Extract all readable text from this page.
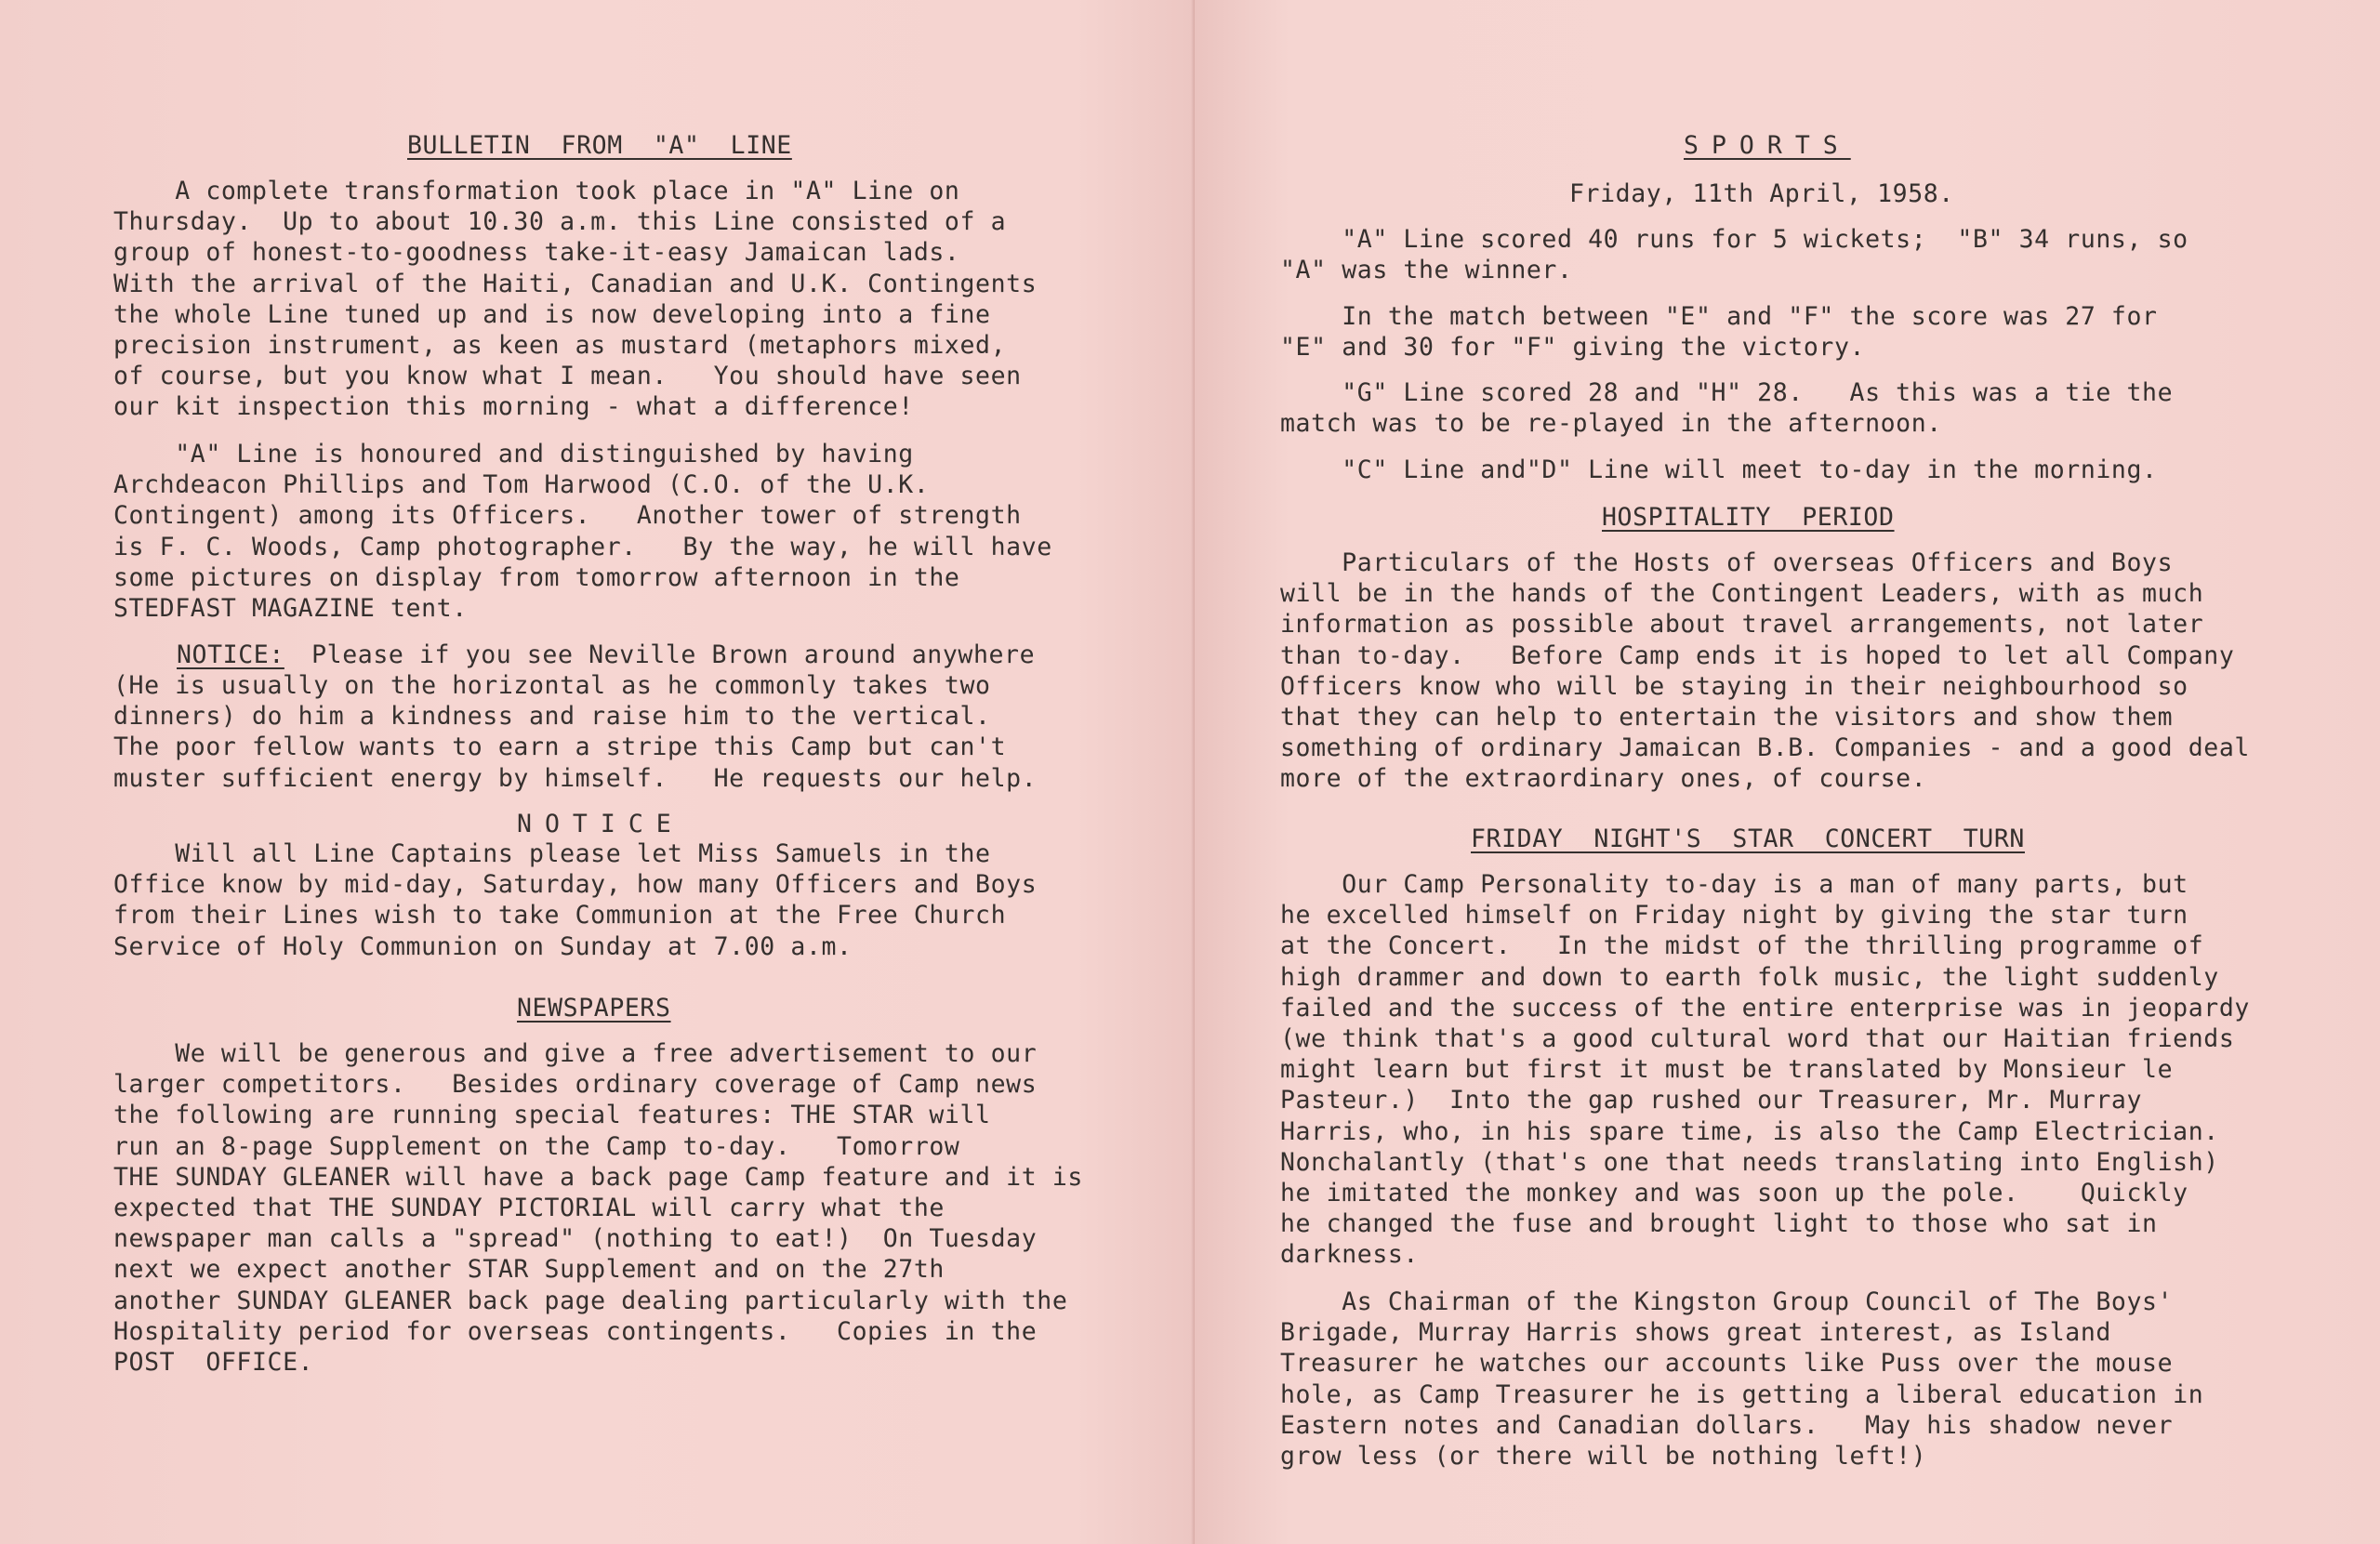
BULLETIN  FROM  "A"  LINE
A complete transformation took place in "A" Line on
Thursday.  Up to about 10.30 a.m. this Line consisted of a
group of honest-to-goodness take-it-easy Jamaican lads.
With the arrival of the Haiti, Canadian and U.K. Contingents
the whole Line tuned up and is now developing into a fine
precision instrument, as keen as mustard (metaphors mixed,
of course, but you know what I mean.   You should have seen
our kit inspection this morning - what a difference!
"A" Line is honoured and distinguished by having
Archdeacon Phillips and Tom Harwood (C.O. of the U.K.
Contingent) among its Officers.   Another tower of strength
is F. C. Woods, Camp photographer.   By the way, he will have
some pictures on display from tomorrow afternoon in the
STEDFAST MAGAZINE tent.
NOTICE:
Please if you see Neville Brown around anywhere
(He is usually on the horizontal as he commonly takes two
dinners) do him a kindness and raise him to the vertical.
The poor fellow wants to earn a stripe this Camp but can't
muster sufficient energy by himself.   He requests our help.
NOTICE
Will all Line Captains please let Miss Samuels in the
Office know by mid-day, Saturday, how many Officers and Boys
from their Lines wish to take Communion at the Free Church
Service of Holy Communion on Sunday at 7.00 a.m.
NEWSPAPERS
We will be generous and give a free advertisement to our
larger competitors.   Besides ordinary coverage of Camp news
the following are running special features: THE STAR will
run an 8-page Supplement on the Camp to-day.   Tomorrow
THE SUNDAY GLEANER will have a back page Camp feature and it is
expected that THE SUNDAY PICTORIAL will carry what the
newspaper man calls a "spread" (nothing to eat!)  On Tuesday
next we expect another STAR Supplement and on the 27th
another SUNDAY GLEANER back page dealing particularly with the
Hospitality period for overseas contingents.   Copies in the
POST  OFFICE.
SPORTS
Friday, 11th April, 1958.
"A" Line scored 40 runs for 5 wickets;  "B" 34 runs, so
"A" was the winner.
In the match between "E" and "F" the score was 27 for
"E" and 30 for "F" giving the victory.
"G" Line scored 28 and "H" 28.   As this was a tie the
match was to be re-played in the afternoon.
"C" Line and"D" Line will meet to-day in the morning.
HOSPITALITY  PERIOD
Particulars of the Hosts of overseas Officers and Boys
will be in the hands of the Contingent Leaders, with as much
information as possible about travel arrangements, not later
than to-day.   Before Camp ends it is hoped to let all Company
Officers know who will be staying in their neighbourhood so
that they can help to entertain the visitors and show them
something of ordinary Jamaican B.B. Companies - and a good deal
more of the extraordinary ones, of course.
FRIDAY  NIGHT'S  STAR  CONCERT  TURN
Our Camp Personality to-day is a man of many parts, but
he excelled himself on Friday night by giving the star turn
at the Concert.   In the midst of the thrilling programme of
high drammer and down to earth folk music, the light suddenly
failed and the success of the entire enterprise was in jeopardy
(we think that's a good cultural word that our Haitian friends
might learn but first it must be translated by Monsieur le
Pasteur.)  Into the gap rushed our Treasurer, Mr. Murray
Harris, who, in his spare time, is also the Camp Electrician.
Nonchalantly (that's one that needs translating into English)
he imitated the monkey and was soon up the pole.    Quickly
he changed the fuse and brought light to those who sat in
darkness.
As Chairman of the Kingston Group Council of The Boys'
Brigade, Murray Harris shows great interest, as Island
Treasurer he watches our accounts like Puss over the mouse
hole, as Camp Treasurer he is getting a liberal education in
Eastern notes and Canadian dollars.   May his shadow never
grow less (or there will be nothing left!)
